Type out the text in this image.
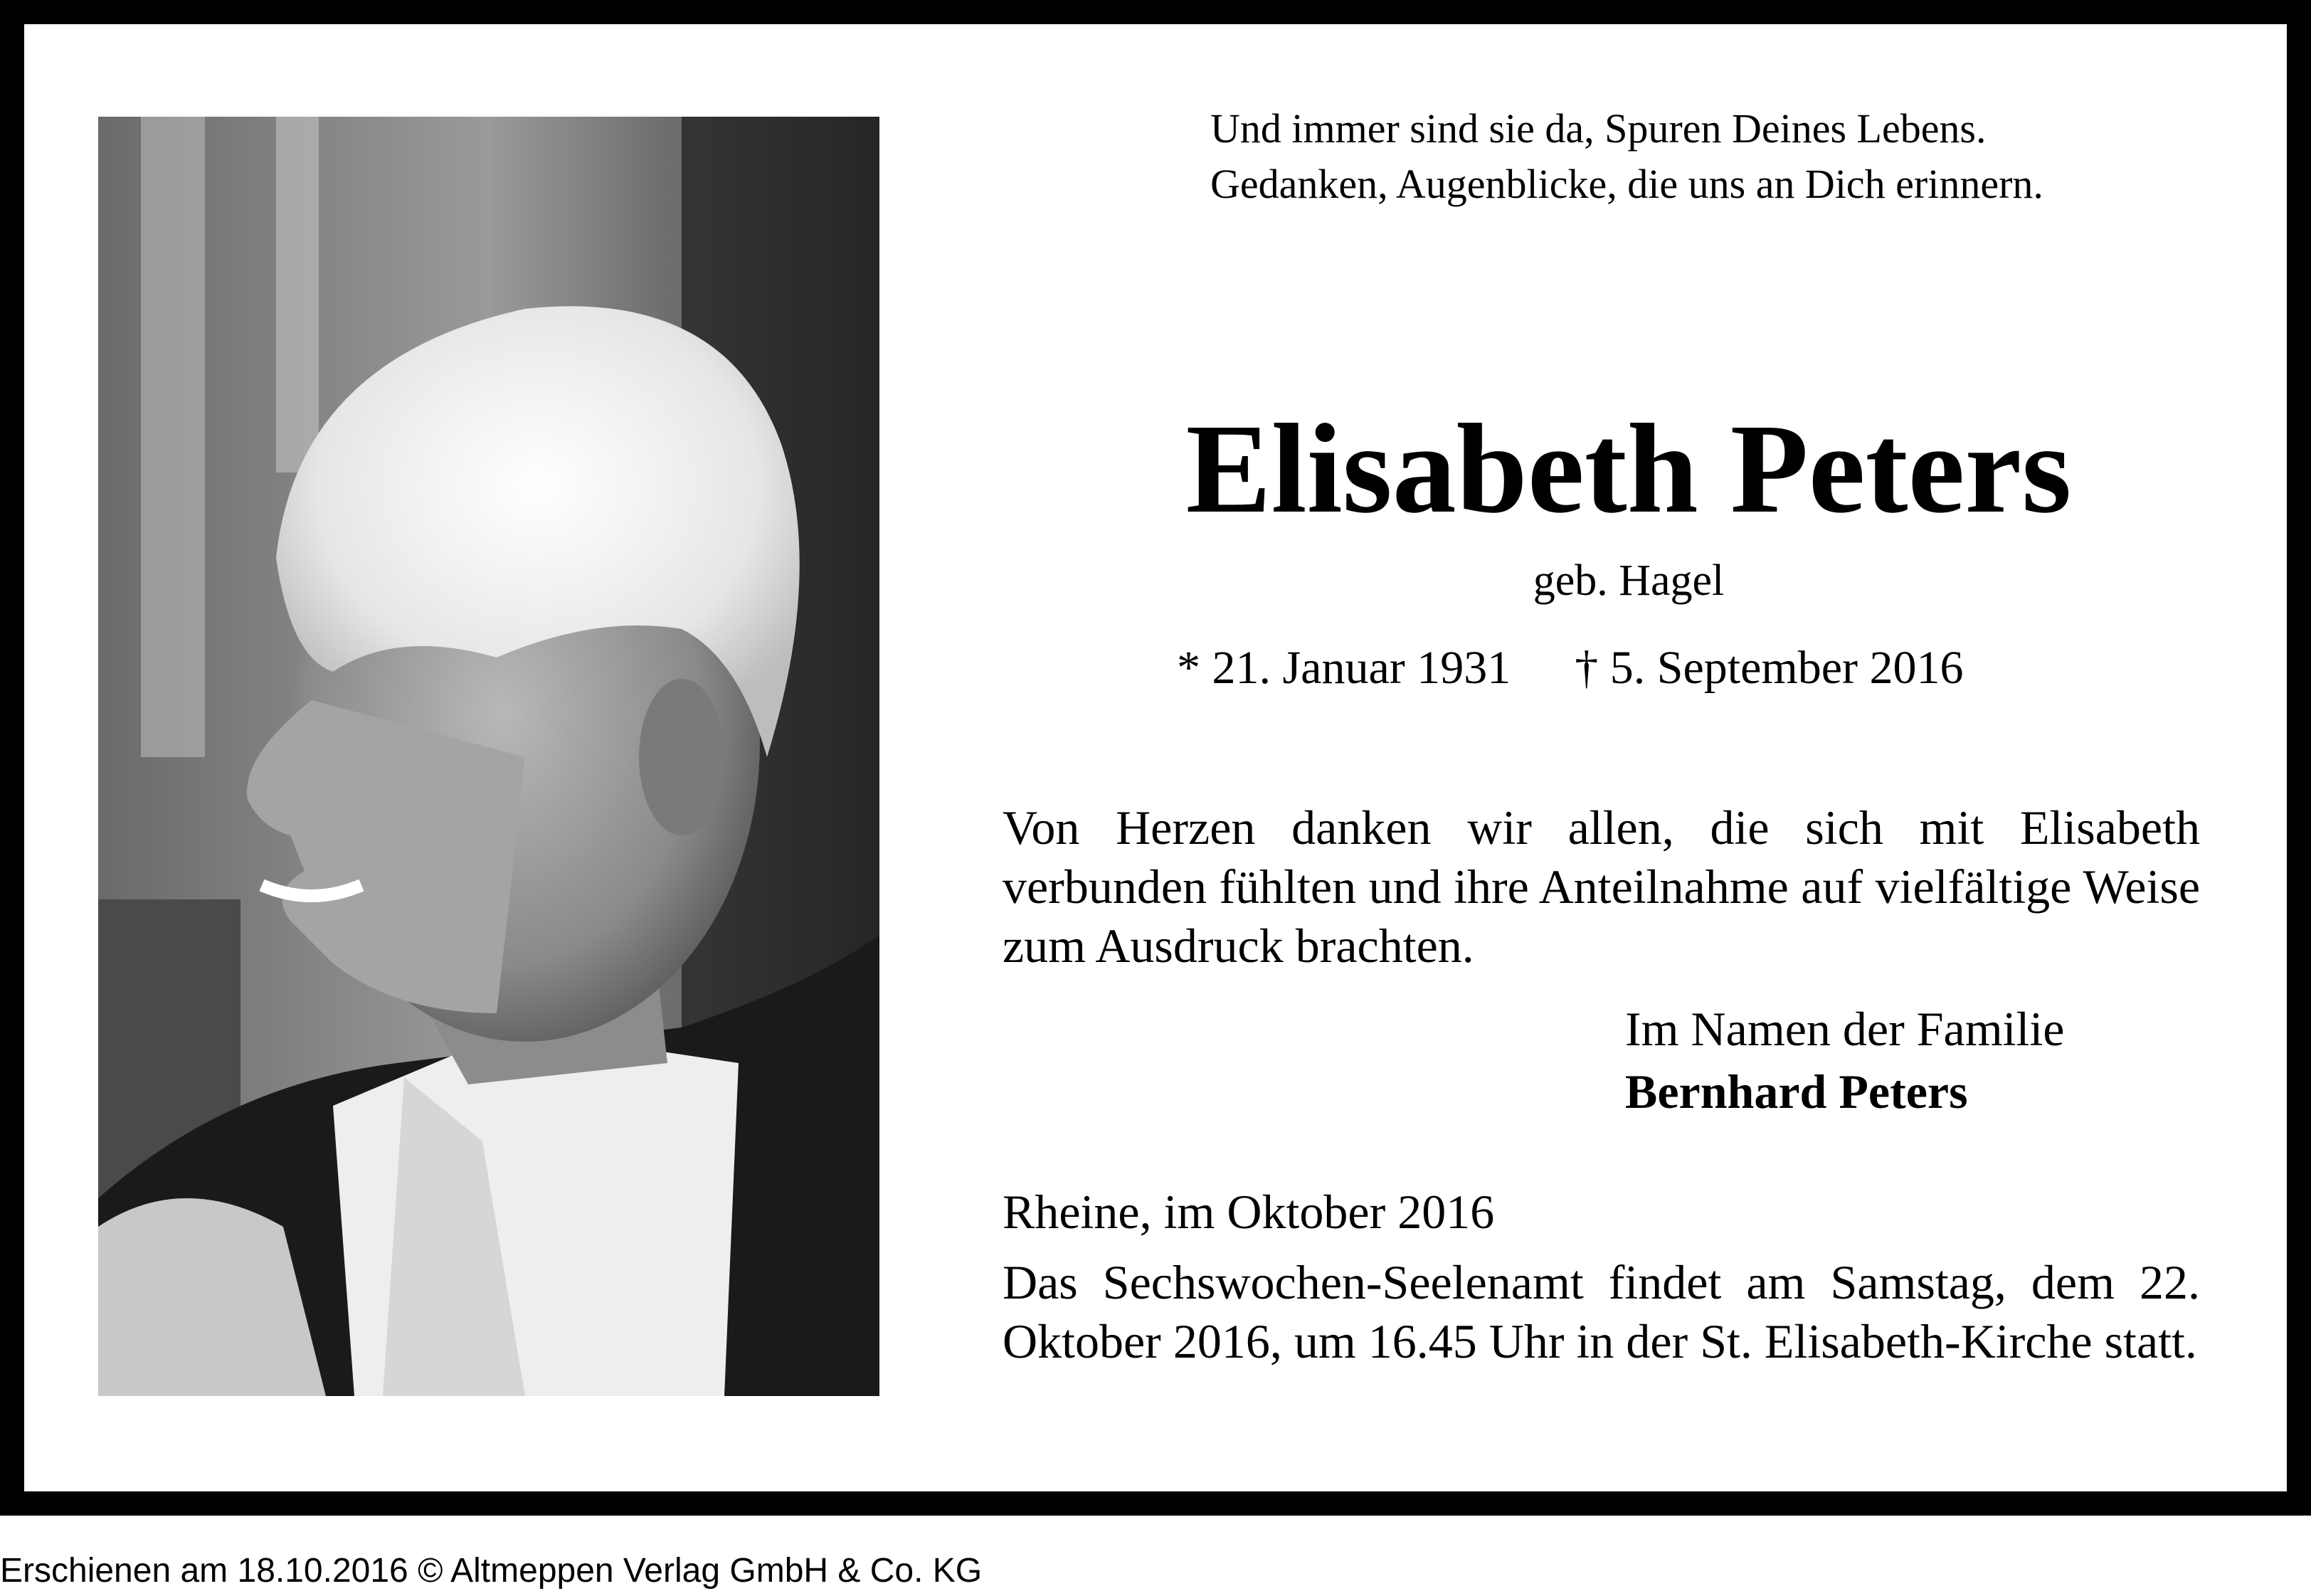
Und immer sind sie da, Spuren Deines Lebens.
Gedanken, Augenblicke, die uns an Dich erinnern.
Elisabeth Peters
geb. Hagel
* 21. Januar 1931 † 5. September 2016
Von Herzen danken wir allen, die sich mit Elisabeth verbunden fühlten und ihre Anteilnahme auf vielfältige Weise zum Ausdruck brachten.
Im Namen der Familie
Bernhard Peters
Rheine, im Oktober 2016
Das Sechswochen-Seelenamt findet am Samstag, dem 22. Oktober 2016, um 16.45 Uhr in der St. Elisabeth-Kirche statt.
Erschienen am 18.10.2016 © Altmeppen Verlag GmbH & Co. KG
